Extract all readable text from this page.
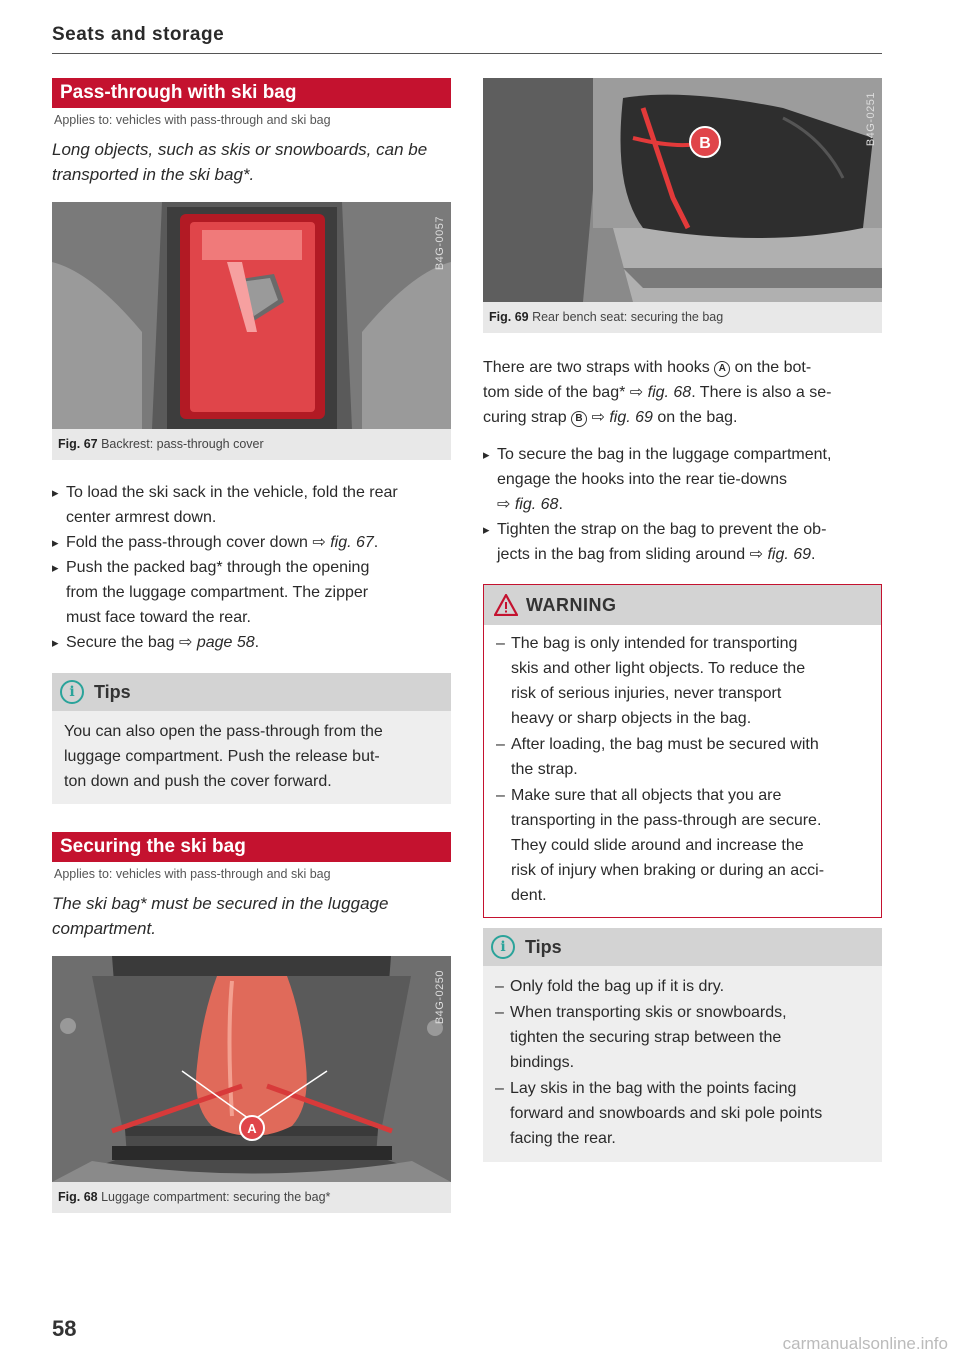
Seats and storage
Pass-through with ski bag
Applies to: vehicles with pass-through and ski bag
Long objects, such as skis or snowboards, can be
transported in the ski bag*.
B4G-0057
Fig. 67 Backrest: pass-through cover
▸ To load the ski sack in the vehicle, fold the rear
center armrest down.
▸ Fold the pass-through cover down ⇨ fig. 67.
▸ Push the packed bag* through the opening
from the luggage compartment. The zipper
must face toward the rear.
▸ Secure the bag ⇨ page 58.
i	Tips
You can also open the pass-through from the
luggage compartment. Push the release but-
ton down and push the cover forward.
Securing the ski bag
Applies to: vehicles with pass-through and ski bag
The ski bag* must be secured in the luggage
compartment.
A
B4G-0250
Fig. 68 Luggage compartment: securing the bag*
B	B4G-0251
Fig. 69 Rear bench seat: securing the bag
There are two straps with hooks A on the bot-
tom side of the bag* ⇨ fig. 68. There is also a se-
curing strap B ⇨ fig. 69 on the bag.
▸ To secure the bag in the luggage compartment,
engage the hooks into the rear tie-downs
⇨ fig. 68.
▸ Tighten the strap on the bag to prevent the ob-
jects in the bag from sliding around ⇨ fig. 69.
WARNING
– The bag is only intended for transporting
skis and other light objects. To reduce the
risk of serious injuries, never transport
heavy or sharp objects in the bag.
– After loading, the bag must be secured with
the strap.
– Make sure that all objects that you are
transporting in the pass-through are secure.
They could slide around and increase the
risk of injury when braking or during an acci-
dent.
i	Tips
– Only fold the bag up if it is dry.
– When transporting skis or snowboards,
tighten the securing strap between the
bindings.
– Lay skis in the bag with the points facing
forward and snowboards and ski pole points
facing the rear.
58
carmanualsonline.info
